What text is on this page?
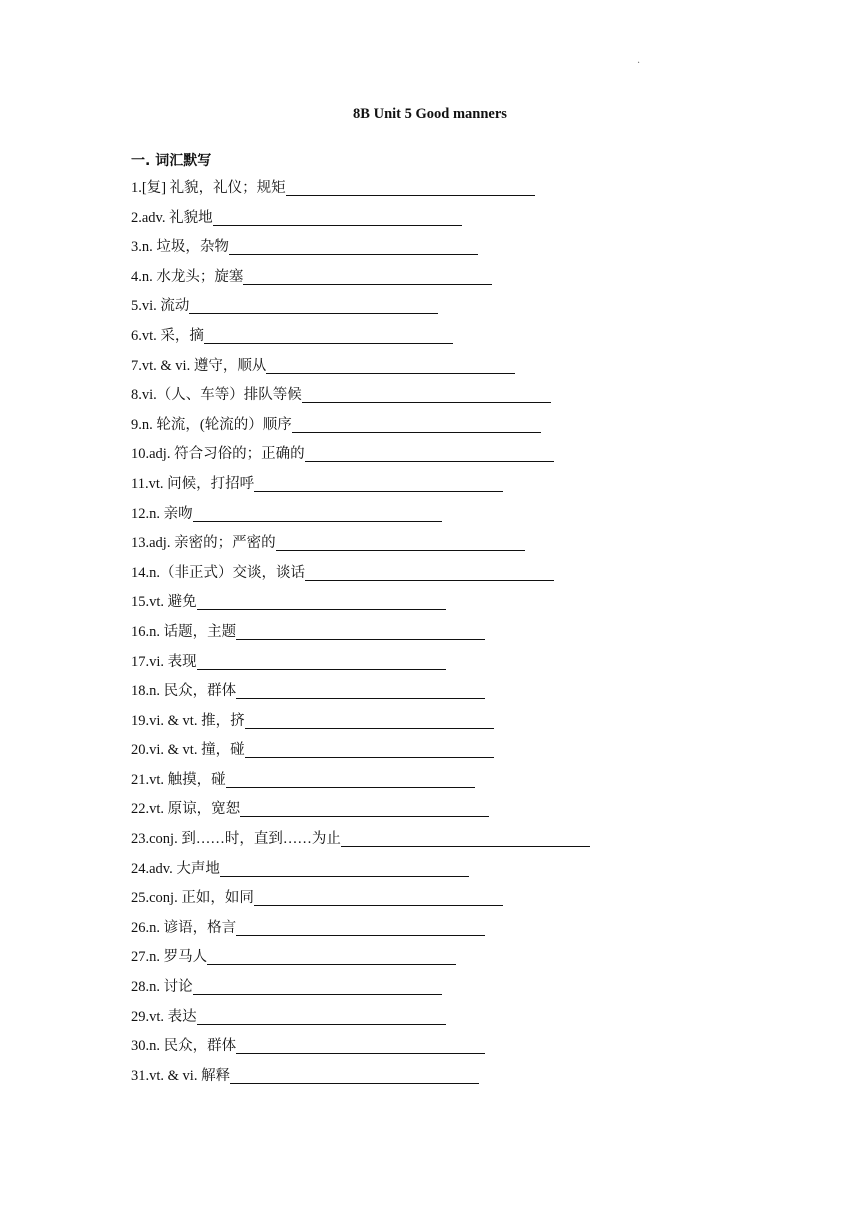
·
8B Unit 5 Good manners
一. 词汇默写
1.[复] 礼貌，礼仪；规矩
2.adv. 礼貌地
3.n. 垃圾，杂物
4.n. 水龙头；旋塞
5.vi. 流动
6.vt. 采，摘
7.vt. & vi. 遵守，顺从
8.vi.（人、车等）排队等候
9.n. 轮流，(轮流的）顺序
10.adj. 符合习俗的；正确的
11.vt. 问候，打招呼
12.n. 亲吻
13.adj. 亲密的；严密的
14.n.（非正式）交谈，谈话
15.vt. 避免
16.n. 话题，主题
17.vi. 表现
18.n. 民众，群体
19.vi. & vt. 推，挤
20.vi. & vt. 撞，碰
21.vt. 触摸，碰
22.vt. 原谅，宽恕
23.conj. 到……时，直到……为止
24.adv. 大声地
25.conj. 正如，如同
26.n. 谚语，格言
27.n. 罗马人
28.n. 讨论
29.vt. 表达
30.n. 民众，群体
31.vt. & vi. 解释
